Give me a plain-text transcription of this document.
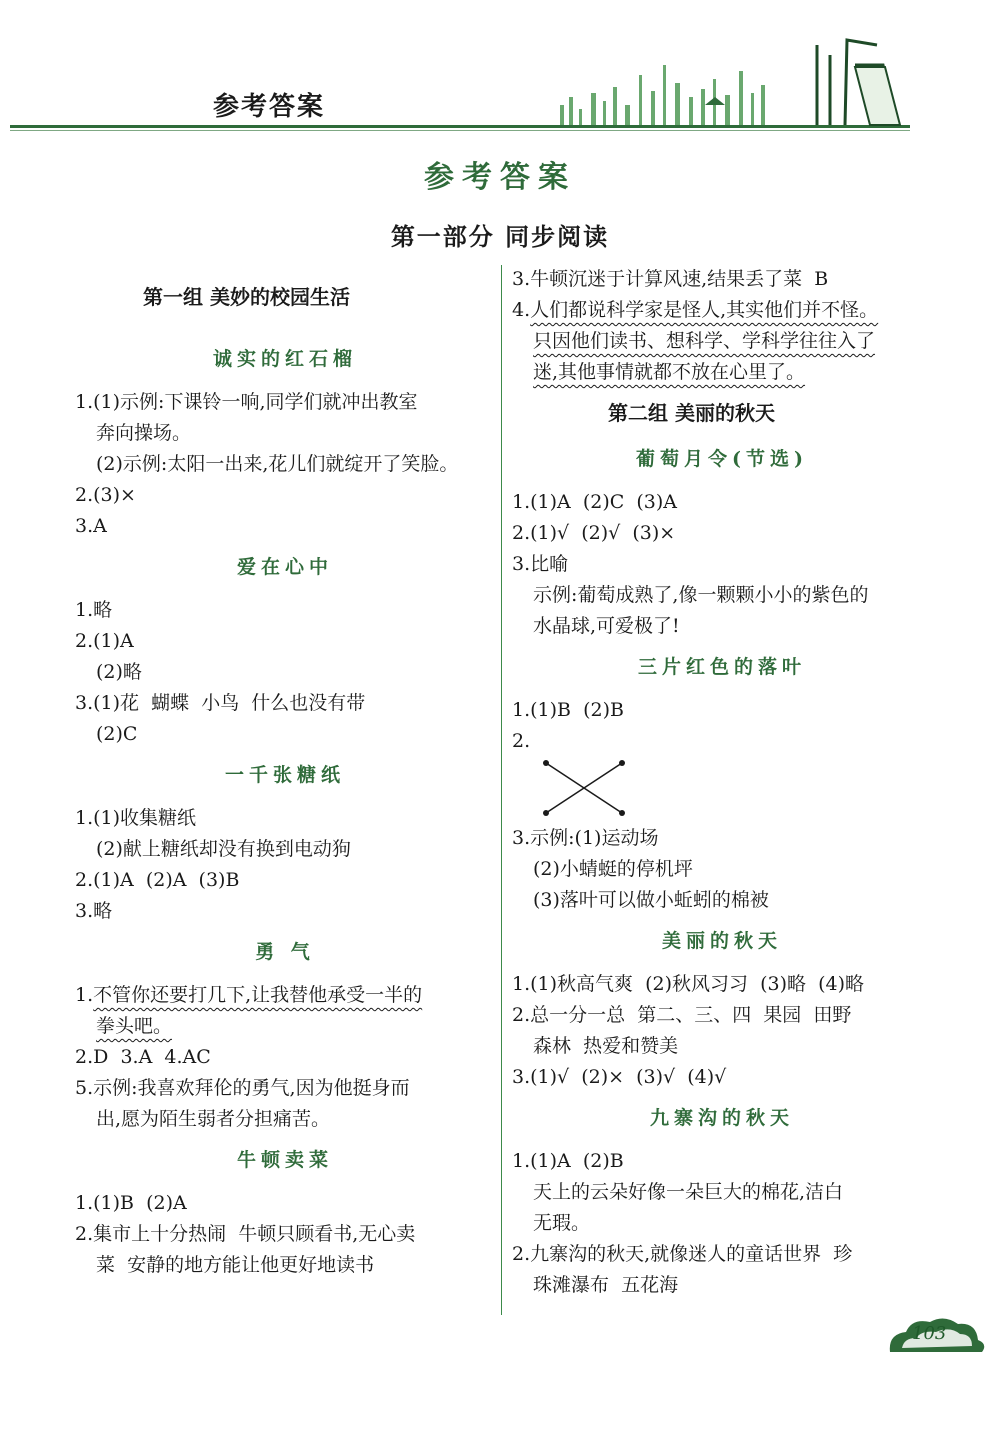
参考答案
参考答案
第一部分 同步阅读
第一组 美妙的校园生活
诚实的红石榴
1.(1)示例:下课铃一响,同学们就冲出教室
奔向操场。
(2)示例:太阳一出来,花儿们就绽开了笑脸。
2.(3)×
3.A
爱在心中
1.略
2.(1)A
(2)略
3.(1)花  蝴蝶  小鸟  什么也没有带
(2)C
一千张糖纸
1.(1)收集糖纸
(2)献上糖纸却没有换到电动狗
2.(1)A  (2)A  (3)B
3.略
勇 气
1.不管你还要打几下,让我替他承受一半的
拳头吧。
2.D  3.A  4.AC
5.示例:我喜欢拜伦的勇气,因为他挺身而
出,愿为陌生弱者分担痛苦。
牛顿卖菜
1.(1)B  (2)A
2.集市上十分热闹  牛顿只顾看书,无心卖
菜  安静的地方能让他更好地读书
3.牛顿沉迷于计算风速,结果丢了菜  B
4.人们都说科学家是怪人,其实他们并不怪。
只因他们读书、想科学、学科学往往入了
迷,其他事情就都不放在心里了。
第二组 美丽的秋天
葡萄月令(节选)
1.(1)A  (2)C  (3)A
2.(1)√  (2)√  (3)×
3.比喻
示例:葡萄成熟了,像一颗颗小小的紫色的
水晶球,可爱极了!
三片红色的落叶
1.(1)B  (2)B
2.
3.示例:(1)运动场
(2)小蜻蜓的停机坪
(3)落叶可以做小蚯蚓的棉被
美丽的秋天
1.(1)秋高气爽  (2)秋风习习  (3)略  (4)略
2.总一分一总  第二、三、四  果园  田野
森林  热爱和赞美
3.(1)√  (2)×  (3)√  (4)√
九寨沟的秋天
1.(1)A  (2)B
天上的云朵好像一朵巨大的棉花,洁白
无瑕。
2.九寨沟的秋天,就像迷人的童话世界  珍
珠滩瀑布  五花海
103
